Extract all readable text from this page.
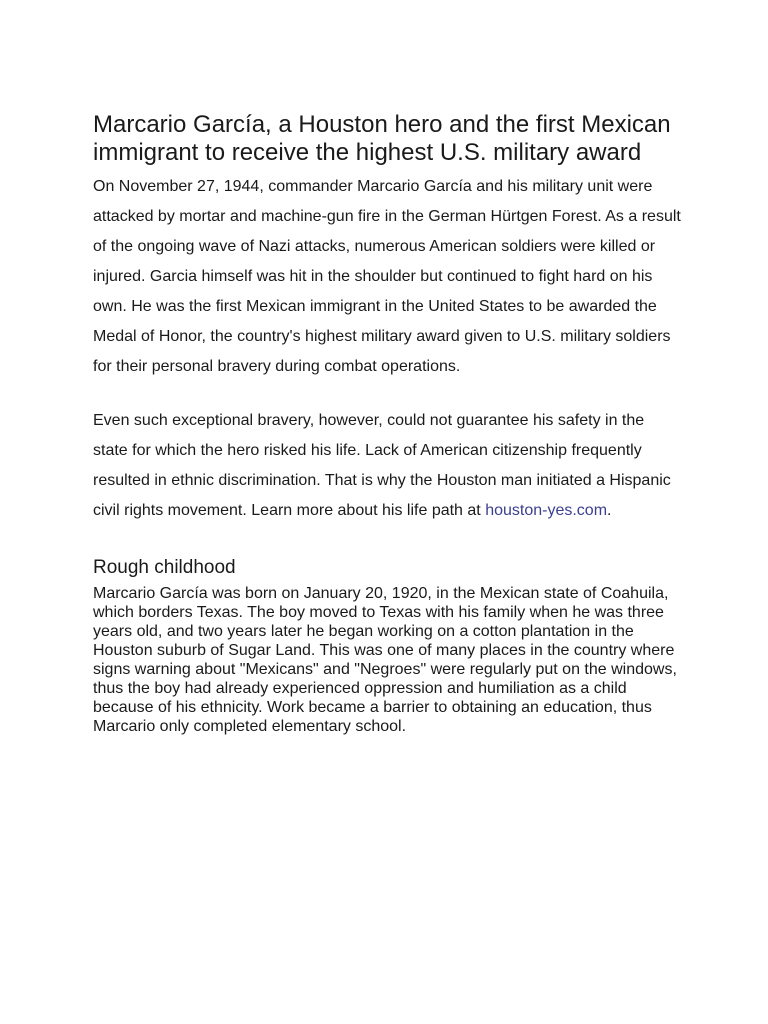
Marcario García, a Houston hero and the first Mexican immigrant to receive the highest U.S. military award

On November 27, 1944, commander Marcario García and his military unit were attacked by mortar and machine-gun fire in the German Hürtgen Forest. As a result of the ongoing wave of Nazi attacks, numerous American soldiers were killed or injured. Garcia himself was hit in the shoulder but continued to fight hard on his own. He was the first Mexican immigrant in the United States to be awarded the Medal of Honor, the country's highest military award given to U.S. military soldiers for their personal bravery during combat operations.

Even such exceptional bravery, however, could not guarantee his safety in the state for which the hero risked his life. Lack of American citizenship frequently resulted in ethnic discrimination. That is why the Houston man initiated a Hispanic civil rights movement. Learn more about his life path at houston-yes.com.

Rough childhood

Marcario García was born on January 20, 1920, in the Mexican state of Coahuila, which borders Texas. The boy moved to Texas with his family when he was three years old, and two years later he began working on a cotton plantation in the Houston suburb of Sugar Land. This was one of many places in the country where signs warning about "Mexicans" and "Negroes" were regularly put on the windows, thus the boy had already experienced oppression and humiliation as a child because of his ethnicity. Work became a barrier to obtaining an education, thus Marcario only completed elementary school.
